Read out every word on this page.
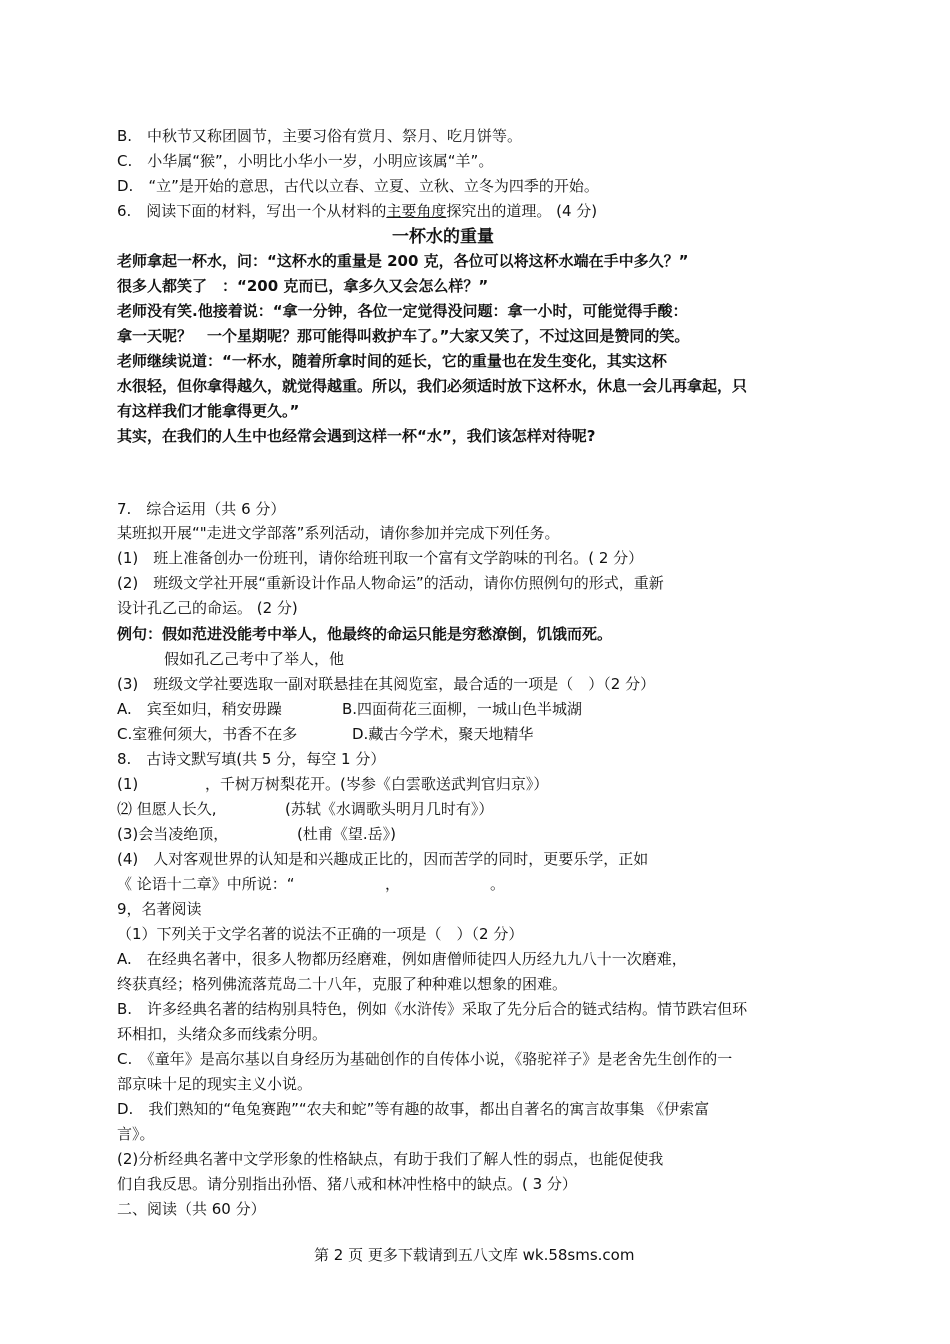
B.　中秋节又称团圆节，主要习俗有赏月、祭月、吃月饼等。
C.　小华属“猴”，小明比小华小一岁，小明应该属“羊”。
D.　“立”是开始的意思，古代以立春、立夏、立秋、立冬为四季的开始。
6.　阅读下面的材料，写出一个从材料的主要角度探究出的道理。 (4 分)
一杯水的重量
老师拿起一杯水，问：“这杯水的重量是 200 克，各位可以将这杯水端在手中多久？”
很多人都笑了　：“200 克而已，拿多久又会怎么样？”
老师没有笑.他接着说：“拿一分钟，各位一定觉得没问题：拿一小时，可能觉得手酸：
拿一天呢？　一个星期呢？那可能得叫救护车了。”大家又笑了，不过这回是赞同的笑。
老师继续说道：“一杯水，随着所拿时间的延长，它的重量也在发生变化，其实这杯
水很轻，但你拿得越久，就觉得越重。所以，我们必须适时放下这杯水，休息一会儿再拿起，只
有这样我们才能拿得更久。”
其实，在我们的人生中也经常会遇到这样一杯“水”，我们该怎样对待呢?
7.　综合运用（共 6 分）
某班拟开展“"走进文学部落”系列活动，请你参加并完成下列任务。
(1)　班上准备创办一份班刊，请你给班刊取一个富有文学韵味的刊名。( 2 分）
(2)　班级文学社开展“重新设计作品人物命运”的活动，请你仿照例句的形式，重新
设计孔乙己的命运。 (2 分)
例句：假如范进没能考中举人，他最终的命运只能是穷愁潦倒，饥饿而死。
假如孔乙己考中了举人，他
(3)　班级文学社要选取一副对联悬挂在其阅览室，最合适的一项是（　）（2 分）
A.　宾至如归，稍安毋躁	B.四面荷花三面柳，一城山色半城湖
C.室雅何须大，书香不在多	D.藏古今学术，聚天地精华
8.　古诗文默写填(共 5 分，每空 1 分）
(1)	，千树万树梨花开。(岑参《白雲歌送武判官归京》）
⑵ 但愿人长久,	(苏轼《水调歌头明月几时有》）
(3)会当凌绝顶，	(杜甫《望.岳》)
(4)　人对客观世界的认知是和兴趣成正比的，因而苦学的同时，更要乐学，正如
《 论语十二章》中所说：“	，	。
9，名著阅读
（1）下列关于文学名著的说法不正确的一项是（　）（2 分）
A.　在经典名著中，很多人物都历经磨难，例如唐僧师徒四人历经九九八十一次磨难，
终获真经；格列佛流落荒岛二十八年，克服了种种难以想象的困难。
B.　许多经典名著的结构别具特色，例如《水浒传》采取了先分后合的链式结构。情节跌宕但环
环相扣，头绪众多而线索分明。
C.　《童年》是高尔基以自身经历为基础创作的自传体小说，《骆驼祥子》是老舍先生创作的一
部京味十足的现实主义小说。
D.　我们熟知的“龟兔赛跑”“农夫和蛇”等有趣的故事，都出自著名的寓言故事集 《伊索富
言》。
(2)分析经典名著中文学形象的性格缺点，有助于我们了解人性的弱点，也能促使我
们自我反思。请分别指出孙悟、猪八戒和林冲性格中的缺点。( 3 分）
二、阅读（共 60 分）
第 2 页 更多下载请到五八文库 wk.58sms.com
